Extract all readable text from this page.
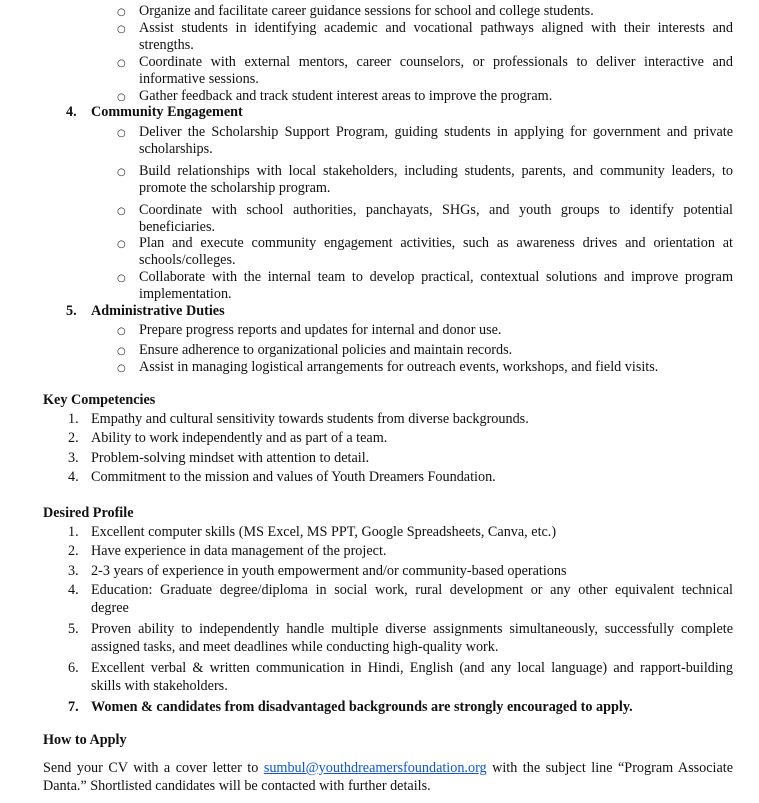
○ Organize and facilitate career guidance sessions for school and college students.
○ Assist students in identifying academic and vocational pathways aligned with their interests and
strengths.
○ Coordinate with external mentors, career counselors, or professionals to deliver interactive and
informative sessions.
○ Gather feedback and track student interest areas to improve the program.
4. Community Engagement
○ Deliver the Scholarship Support Program, guiding students in applying for government and private
scholarships.
○ Build relationships with local stakeholders, including students, parents, and community leaders, to
promote the scholarship program.
○ Coordinate with school authorities, panchayats, SHGs, and youth groups to identify potential
beneficiaries.
○ Plan and execute community engagement activities, such as awareness drives and orientation at
schools/colleges.
○ Collaborate with the internal team to develop practical, contextual solutions and improve program
implementation.
5. Administrative Duties
○ Prepare progress reports and updates for internal and donor use.
○ Ensure adherence to organizational policies and maintain records.
○ Assist in managing logistical arrangements for outreach events, workshops, and field visits.
Key Competencies
1. Empathy and cultural sensitivity towards students from diverse backgrounds.
2. Ability to work independently and as part of a team.
3. Problem-solving mindset with attention to detail.
4. Commitment to the mission and values of Youth Dreamers Foundation.
Desired Profile
1. Excellent computer skills (MS Excel, MS PPT, Google Spreadsheets, Canva, etc.)
2. Have experience in data management of the project.
3. 2-3 years of experience in youth empowerment and/or community-based operations
4. Education: Graduate degree/diploma in social work, rural development or any other equivalent technical
degree
5. Proven ability to independently handle multiple diverse assignments simultaneously, successfully complete
assigned tasks, and meet deadlines while conducting high-quality work.
6. Excellent verbal & written communication in Hindi, English (and any local language) and rapport-building
skills with stakeholders.
7. Women & candidates from disadvantaged backgrounds are strongly encouraged to apply.
How to Apply
Send your CV with a cover letter to sumbul@youthdreamersfoundation.org with the subject line “Program Associate
Danta.” Shortlisted candidates will be contacted with further details.
